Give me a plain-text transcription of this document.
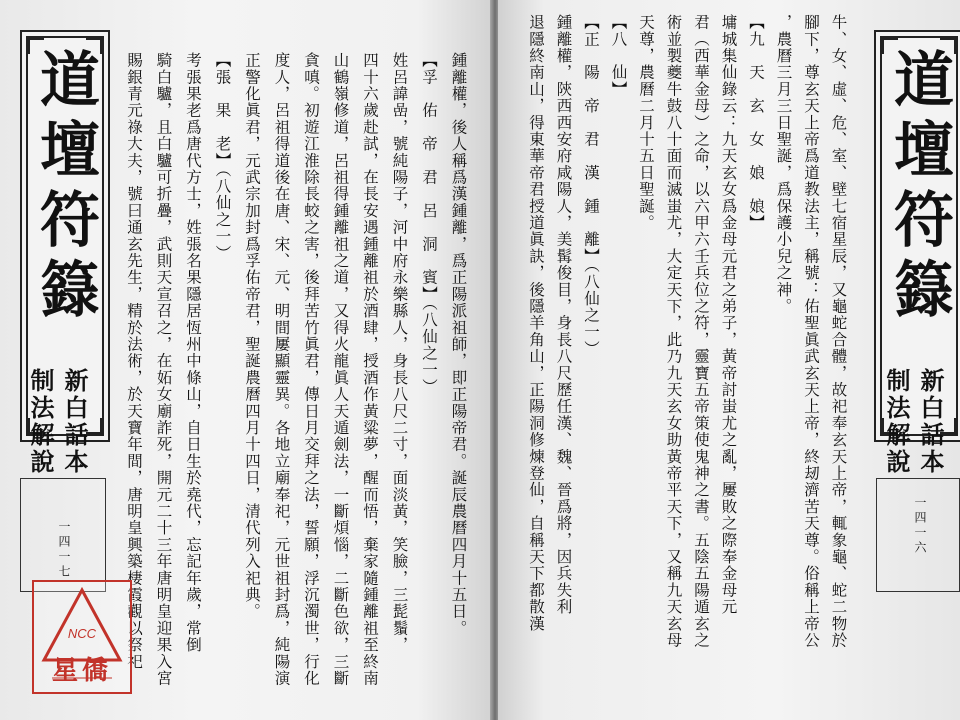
道壇符籙
新白話本
制法解說
一四一七	鍾離權，後人稱爲漢鍾離，爲正陽派祖師，即正陽帝君。誕辰農曆四月十五日。
【孚　佑　帝　君　呂　洞　賓】（八仙之一）
姓呂諱嵒，號純陽子，河中府永樂縣人，身長八尺二寸，面淡黃，笑臉，三髭鬚，
四十六歲赴試，在長安遇鍾離祖於酒肆，授酒作黃粱夢，醒而悟，棄家隨鍾離祖至終南
山鶴嶺修道，呂祖得鍾離祖之道，又得火龍眞人天遁劍法，一斷煩惱，二斷色欲，三斷
貪嗔。初遊江淮除長蛟之害，後拜苦竹眞君，傳日月交拜之法，誓願，浮沉濁世，行化
度人，呂祖得道後在唐、宋、元、明間屢顯靈異。各地立廟奉祀，元世祖封爲，純陽演
正警化眞君，元武宗加封爲孚佑帝君，聖誕農曆四月十四日，清代列入祀典。
【張　果　老】（八仙之一）
考張果老爲唐代方士，姓張名果隱居恆州中條山，自日生於堯代，忘記年歲，常倒
騎白驢，且白驢可折疊，武則天宣召之，在妬女廟詐死，開元二十三年唐明皇迎果入宮
賜銀青元祿大夫，號曰通玄先生，精於法術，於天寶年間，唐明皇興築棲霞觀以祭祀
NCC
星僑
道壇符籙
新白話本
制法解說
一四一六
牛、女、虛、危、室、壁七宿星辰，又龜蛇合體，故祀奉玄天上帝，輒象龜、蛇二物於
腳下，尊玄天上帝爲道教法主，稱號：佑聖眞武玄天上帝，終刼濟苦天尊。俗稱上帝公
，農曆三月三日聖誕，爲保護小兒之神。
【九　天　玄　女　娘　娘】
墉城集仙錄云：九天玄女爲金母元君之弟子，黃帝討蚩尤之亂，屢敗之際奉金母元
君（西華金母）之命，以六甲六壬兵位之符，靈寶五帝策使鬼神之書。五陰五陽遁玄之
術並製夔牛鼓八十面而滅蚩尤，大定天下，此乃九天玄女助黃帝平天下，又稱九天玄母
天尊，農曆二月十五日聖誕。
【八　仙】
【正　陽　帝　君　漢　鍾　離】（八仙之一）
鍾離權，陝西西安府咸陽人，美髯俊目，身長八尺歷任漢、魏、晉爲將，因兵失利
退隱終南山，得東華帝君授道眞訣，後隱羊角山，正陽洞修煉登仙，自稱天下都散漢
